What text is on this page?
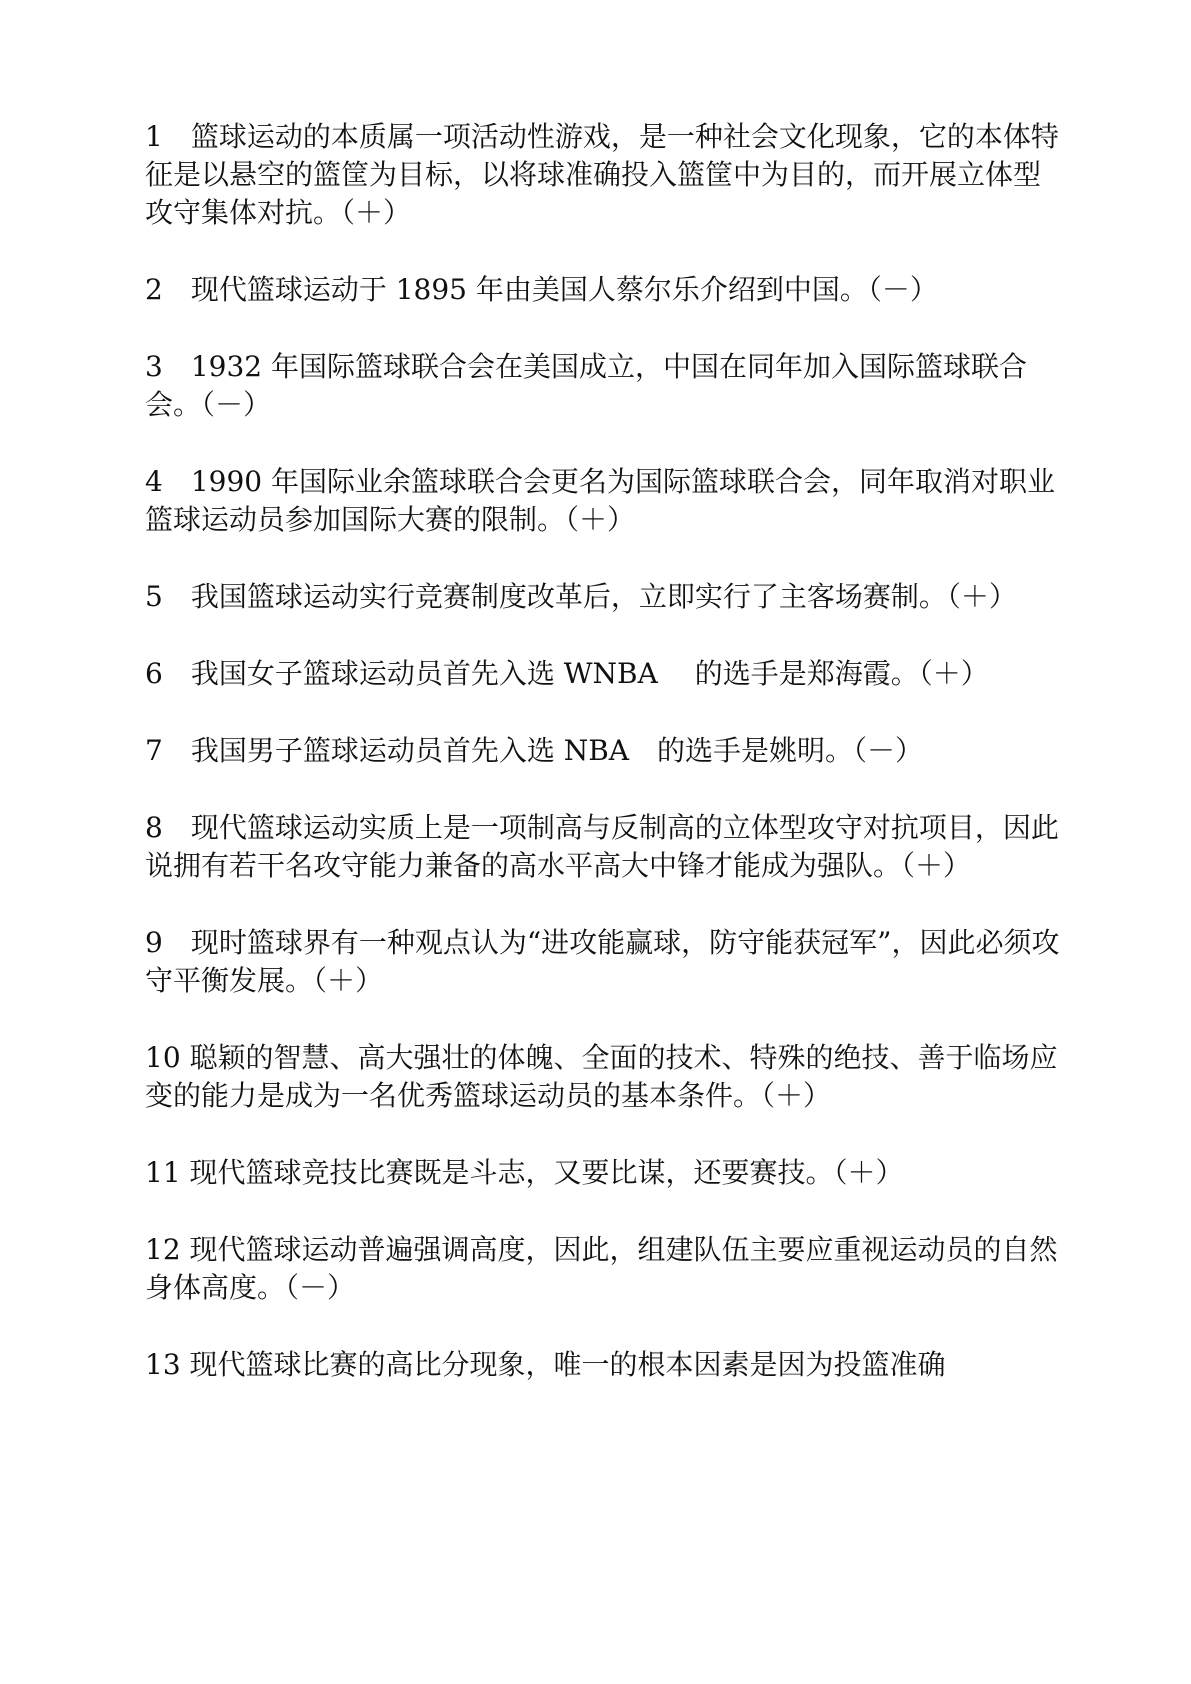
1　篮球运动的本质属一项活动性游戏，是一种社会文化现象，它的本体特征是以悬空的篮筐为目标，以将球准确投入篮筐中为目的，而开展立体型攻守集体对抗。（＋）

2　现代篮球运动于 1895 年由美国人蔡尔乐介绍到中国。（－）

3　1932 年国际篮球联合会在美国成立，中国在同年加入国际篮球联合会。（－）

4　1990 年国际业余篮球联合会更名为国际篮球联合会，同年取消对职业篮球运动员参加国际大赛的限制。（＋）

5　我国篮球运动实行竞赛制度改革后，立即实行了主客场赛制。（＋）

6　我国女子篮球运动员首先入选 WNBA　 的选手是郑海霞。（＋）

7　我国男子篮球运动员首先入选 NBA　的选手是姚明。（－）

8　现代篮球运动实质上是一项制高与反制高的立体型攻守对抗项目，因此说拥有若干名攻守能力兼备的高水平高大中锋才能成为强队。（＋）

9　现时篮球界有一种观点认为“进攻能赢球，防守能获冠军”，因此必须攻守平衡发展。（＋）

10 聪颖的智慧、高大强壮的体魄、全面的技术、特殊的绝技、善于临场应变的能力是成为一名优秀篮球运动员的基本条件。（＋）

11 现代篮球竞技比赛既是斗志，又要比谋，还要赛技。（＋）

12 现代篮球运动普遍强调高度，因此，组建队伍主要应重视运动员的自然身体高度。（－）

13 现代篮球比赛的高比分现象，唯一的根本因素是因为投篮准确
